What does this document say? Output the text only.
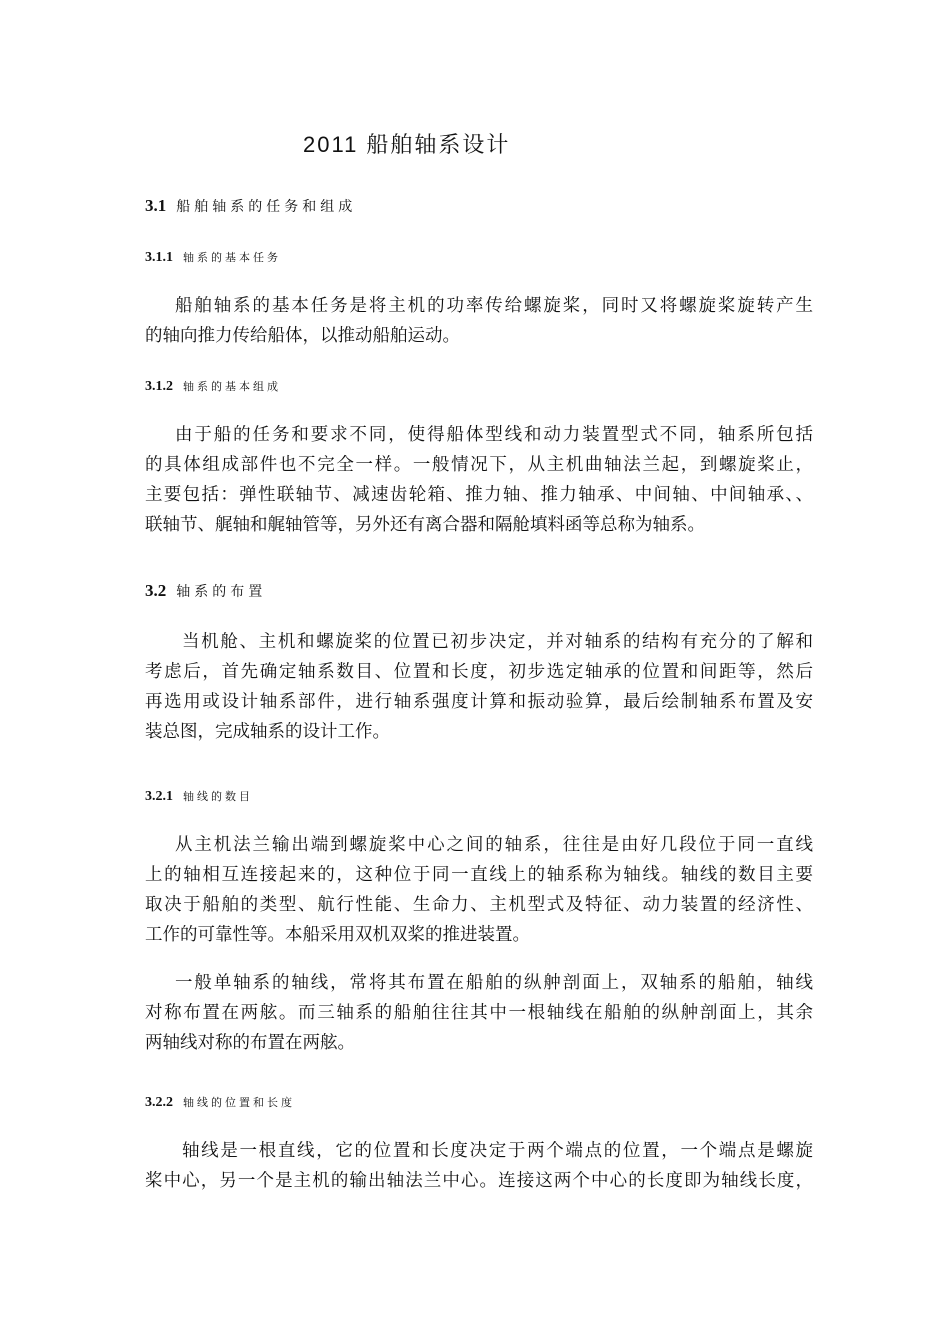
2011 船舶轴系设计
3.1 船舶轴系的任务和组成
3.1.1 轴系的基本任务
船舶轴系的基本任务是将主机的功率传给螺旋桨，同时又将螺旋桨旋转产生
的轴向推力传给船体，以推动船舶运动。
3.1.2 轴系的基本组成
由于船的任务和要求不同，使得船体型线和动力装置型式不同，轴系所包括
的具体组成部件也不完全一样。一般情况下，从主机曲轴法兰起，到螺旋桨止，
主要包括：弹性联轴节、减速齿轮箱、推力轴、推力轴承、中间轴、中间轴承、、
联轴节、艉轴和艉轴管等，另外还有离合器和隔舱填料函等总称为轴系。
3.2 轴系的布置
当机舱、主机和螺旋桨的位置已初步决定，并对轴系的结构有充分的了解和
考虑后，首先确定轴系数目、位置和长度，初步选定轴承的位置和间距等，然后
再选用或设计轴系部件，进行轴系强度计算和振动验算，最后绘制轴系布置及安
装总图，完成轴系的设计工作。
3.2.1 轴线的数目
从主机法兰输出端到螺旋桨中心之间的轴系，往往是由好几段位于同一直线
上的轴相互连接起来的，这种位于同一直线上的轴系称为轴线。轴线的数目主要
取决于船舶的类型、航行性能、生命力、主机型式及特征、动力装置的经济性、
工作的可靠性等。本船采用双机双桨的推进装置。
一般单轴系的轴线，常将其布置在船舶的纵舯剖面上，双轴系的船舶，轴线
对称布置在两舷。而三轴系的船舶往往其中一根轴线在船舶的纵舯剖面上，其余
两轴线对称的布置在两舷。
3.2.2 轴线的位置和长度
轴线是一根直线，它的位置和长度决定于两个端点的位置，一个端点是螺旋
桨中心，另一个是主机的输出轴法兰中心。连接这两个中心的长度即为轴线长度，
